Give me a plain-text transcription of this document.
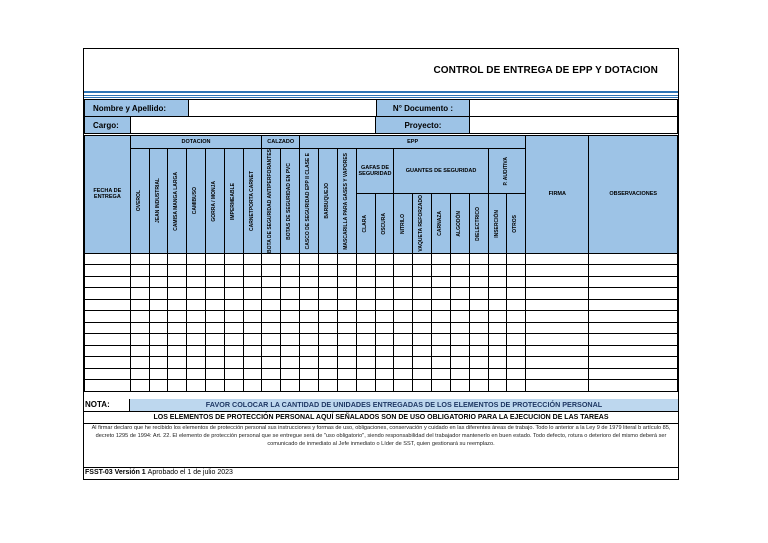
CONTROL DE ENTREGA DE EPP Y DOTACION
Nombre y Apellido:		N° Documento :	
Cargo:		Proyecto:	
FECHA DE ENTREGA	DOTACION							CALZADO		EPP												FIRMA	OBSERVACIONES

	OVEROL	JEAN INDUSTRIAL	CAMISA MANGA LARGA	CAMIBUSO	GORRA / MONJA	IMPERMEABLE	CARNETPORTA CARNET	BOTA DE SEGURIDAD ANTIPERFORANTES	BOTAS DE SEGURIDAD EN PVC	CASCO DE SEGURIDAD EPP II CLASE E	BARBUQUEJO	MASCARILLA PARA GASES Y VAPORES	GAFAS DE SEGURIDAD		GUANTES DE SEGURIDAD					P. AUDITIVA			

													CLARA	OSCURA	NITRILO	VAQUETA REFORZADO	CARNAZA	ALGODÓN	DIELECTRICO	INSERCIÓN	OTROS		

NOTA:	FAVOR COLOCAR LA CANTIDAD DE UNIDADES ENTREGADAS DE LOS ELEMENTOS DE PROTECCIÓN PERSONAL
LOS ELEMENTOS DE PROTECCIÓN PERSONAL AQUÍ SEÑALADOS SON DE USO OBLIGATORIO PARA LA EJECUCION DE LAS TAREAS
Al firmar declaro que he recibido los elementos de protección personal sus instrucciones y formas de uso, obligaciones, conservación y cuidado en las diferentes áreas de trabajo. Todo lo anterior a la Ley 9 de 1979 literal b artículo 85, decreto 1295 de 1994: Art. 22. El elemento de protección personal que se entregue será de "uso obligatorio", siendo responsabilidad del trabajador mantenerlo en buen estado. Todo defecto, rotura o deterioro del mismo deberá ser comunicado de inmediato al Jefe inmediato o Líder de SST, quien gestionará su reemplazo.
FSST-03 Versión 1 Aprobado el 1 de julio 2023
